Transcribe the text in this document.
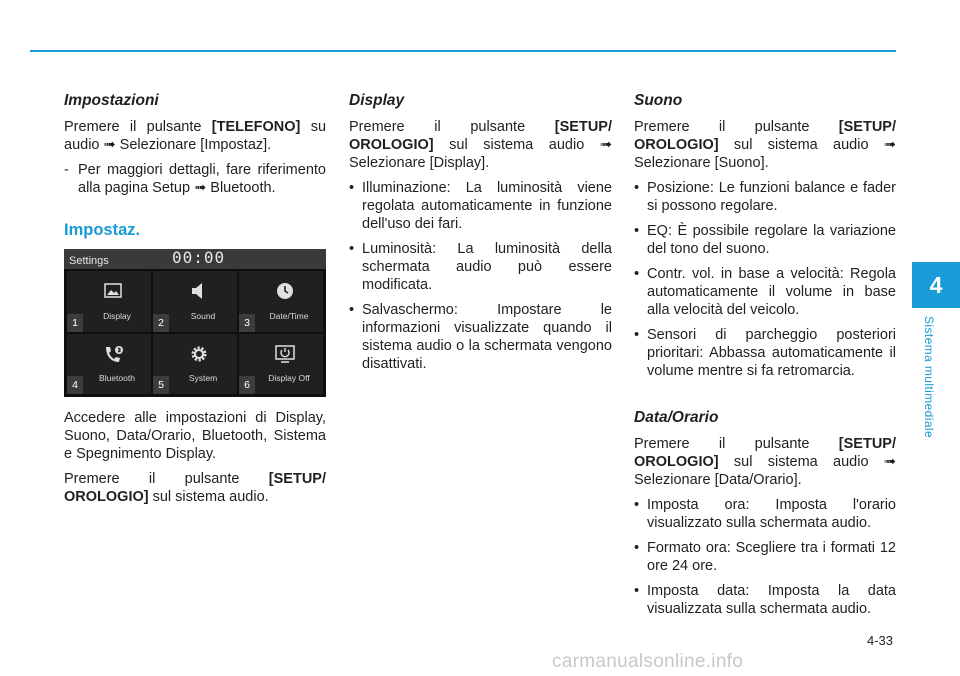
Impostazioni

Premere il pulsante [TELEFONO] su audio ➟ Selezionare [Impostaz].

- Per maggiori dettagli, fare riferimento alla pagina Setup ➟ Bluetooth.
Impostaz.
Settings	00:00
1
Display
2
Sound
3
Date/Time
4
Bluetooth
5
System
6
Display Off

Accedere alle impostazioni di Display, Suono, Data/Orario, Bluetooth, Sistema e Spegnimento Display.

Premere il pulsante [SETUP/ OROLOGIO] sul sistema audio.

Display

Premere il pulsante [SETUP/ OROLOGIO] sul sistema audio ➟ Selezionare [Display].

• Illuminazione: La luminosità viene regolata automaticamente in funzione dell'uso dei fari.
• Luminosità: La luminosità della schermata audio può essere modificata.
• Salvaschermo: Impostare le informazioni visualizzate quando il sistema audio o la schermata vengono disattivati.
Suono

Premere il pulsante [SETUP/ OROLOGIO] sul sistema audio ➟ Selezionare [Suono].

• Posizione: Le funzioni balance e fader si possono regolare.
• EQ: È possibile regolare la variazione del tono del suono.
• Contr. vol. in base a velocità: Regola automaticamente il volume in base alla velocità del veicolo.
• Sensori di parcheggio posteriori prioritari: Abbassa automaticamente il volume mentre si fa retromarcia.
Data/Orario

Premere il pulsante [SETUP/ OROLOGIO] sul sistema audio ➟ Selezionare [Data/Orario].

• Imposta ora: Imposta l'orario visualizzato sulla schermata audio.
• Formato ora: Scegliere tra i formati 12 ore 24 ore.
• Imposta data: Imposta la data visualizzata sulla schermata audio.
4
Sistema multimediale
4-33
carmanualsonline.info
